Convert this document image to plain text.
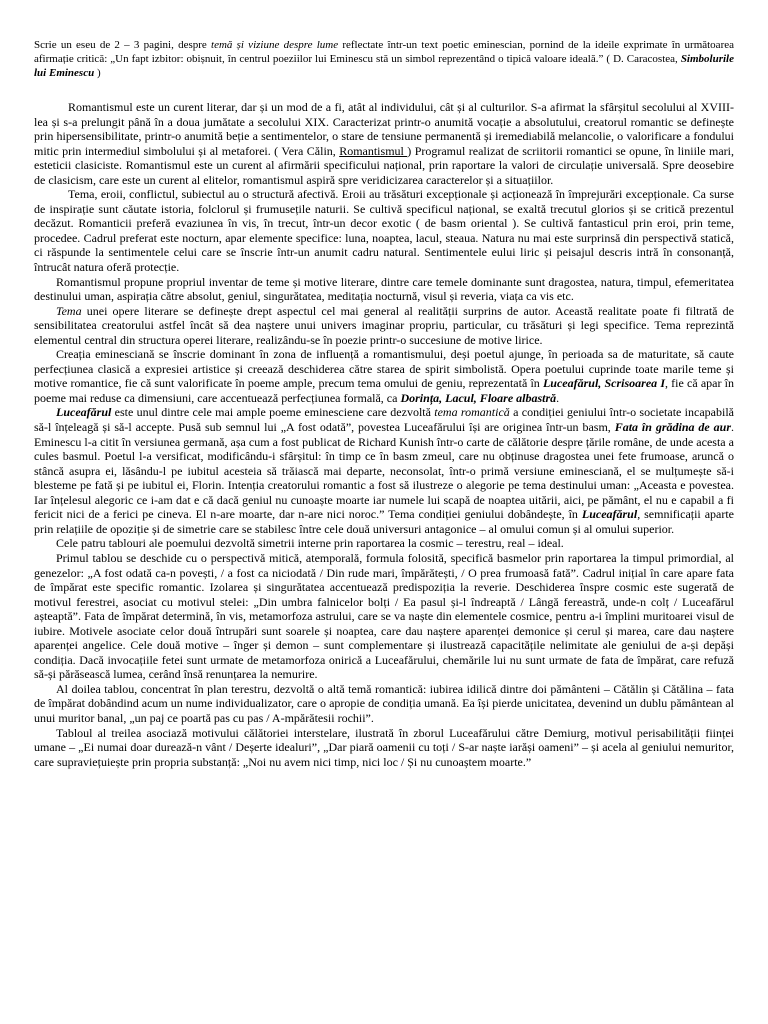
Scrie un eseu de 2 – 3 pagini, despre temă și viziune despre lume reflectate într-un text poetic eminescian, pornind de la ideile exprimate în următoarea afirmație critică: „Un fapt izbitor: obișnuit, în centrul poeziilor lui Eminescu stă un simbol reprezentând o tipică valoare ideală.” ( D. Caracostea, Simbolurile lui Eminescu )

Romantismul este un curent literar, dar și un mod de a fi, atât al individului, cât și al culturilor. S-a afirmat la sfârșitul secolului al XVIII-lea și s-a prelungit până în a doua jumătate a secolului XIX. Caracterizat printr-o anumită vocație a absolutului, creatorul romantic se definește prin hipersensibilitate, printr-o anumită beție a sentimentelor, o stare de tensiune permanentă și iremediabilă melancolie, o valorificare a fondului mitic prin intermediul simbolului și al metaforei. ( Vera Călin, Romantismul ) Programul realizat de scriitorii romantici se opune, în liniile mari, esteticii clasiciste. Romantismul este un curent al afirmării specificului național, prin raportare la valori de circulație universală. Spre deosebire de clasicism, care este un curent al elitelor, romantismul aspiră spre veridicizarea caracterelor și a situațiilor.

Tema, eroii, conflictul, subiectul au o structură afectivă. Eroii au trăsături excepționale și acționează în împrejurări excepționale. Ca surse de inspirație sunt căutate istoria, folclorul și frumusețile naturii. Se cultivă specificul național, se exaltă trecutul glorios și se critică prezentul decăzut. Romanticii preferă evaziunea în vis, în trecut, într-un decor exotic ( de basm oriental ). Se cultivă fantasticul prin eroi, prin teme, procedee. Cadrul preferat este nocturn, apar elemente specifice: luna, noaptea, lacul, steaua. Natura nu mai este surprinsă din perspectivă statică, ci răspunde la sentimentele celui care se înscrie într-un anumit cadru natural. Sentimentele eului liric și peisajul descris intră în consonanță, întrucât natura oferă protecție.

Romantismul propune propriul inventar de teme și motive literare, dintre care temele dominante sunt dragostea, natura, timpul, efemeritatea destinului uman, aspirația către absolut, geniul, singurătatea, meditația nocturnă, visul și reveria, viața ca vis etc.

Tema unei opere literare se definește drept aspectul cel mai general al realității surprins de autor. Această realitate poate fi filtrată de sensibilitatea creatorului astfel încât să dea naștere unui univers imaginar propriu, particular, cu trăsături și legi specifice. Tema reprezintă elementul central din structura operei literare, realizându-se în poezie printr-o succesiune de motive lirice.

Creația eminesciană se înscrie dominant în zona de influență a romantismului, deși poetul ajunge, în perioada sa de maturitate, să caute perfecțiunea clasică a expresiei artistice și creează deschiderea către starea de spirit simbolistă. Opera poetului cuprinde toate marile teme și motive romantice, fie că sunt valorificate în poeme ample, precum tema omului de geniu, reprezentată în Luceafărul, Scrisoarea I, fie că apar în poeme mai reduse ca dimensiuni, care accentuează perfecțiunea formală, ca Dorința, Lacul, Floare albastră.

Luceafărul este unul dintre cele mai ample poeme eminesciene care dezvoltă tema romantică a condiției geniului într-o societate incapabilă să-l înțeleagă și să-l accepte. Pusă sub semnul lui „A fost odată”, povestea Luceafărului își are originea într-un basm, Fata în grădina de aur. Eminescu l-a citit în versiunea germană, așa cum a fost publicat de Richard Kunish într-o carte de călătorie despre țările române, de unde acesta a cules basmul. Poetul l-a versificat, modificându-i sfârșitul: în timp ce în basm zmeul, care nu obținuse dragostea unei fete frumoase, aruncă o stâncă asupra ei, lăsându-l pe iubitul acesteia să trăiască mai departe, neconsolat, într-o primă versiune eminesciană, el se mulțumește să-i blesteme pe fată și pe iubitul ei, Florin. Intenția creatorului romantic a fost să ilustreze o alegorie pe tema destinului uman: „Aceasta e povestea. Iar înțelesul alegoric ce i-am dat e că dacă geniul nu cunoaște moarte iar numele lui scapă de noaptea uitării, aici, pe pământ, el nu e capabil a fi fericit nici de a ferici pe cineva. El n-are moarte, dar n-are nici noroc.” Tema condiției geniului dobândește, în Luceafărul, semnificații aparte prin relațiile de opoziție și de simetrie care se stabilesc între cele două universuri antagonice – al omului comun și al omului superior.

Cele patru tablouri ale poemului dezvoltă simetrii interne prin raportarea la cosmic – terestru, real – ideal.

Primul tablou se deschide cu o perspectivă mitică, atemporală, formula folosită, specifică basmelor prin raportarea la timpul primordial, al genezelor: „A fost odată ca-n povești, / a fost ca niciodată / Din rude mari, împărătești, / O prea frumoasă fată”. Cadrul inițial în care apare fata de împărat este specific romantic. Izolarea și singurătatea accentuează predispoziția la reverie. Deschiderea înspre cosmic este sugerată de motivul ferestrei, asociat cu motivul stelei: „Din umbra falnicelor bolți / Ea pasul și-l îndreaptă / Lângă fereastră, unde-n colț / Luceafărul așteaptă”. Fata de împărat determină, în vis, metamorfoza astrului, care se va naște din elementele cosmice, pentru a-i împlini muritoarei visul de iubire. Motivele asociate celor două întrupări sunt soarele și noaptea, care dau naștere aparenței demonice și cerul și marea, care dau naștere aparenței angelice. Cele două motive – înger și demon – sunt complementare și ilustrează capacitățile nelimitate ale geniului de a-și depăși condiția. Dacă invocațiile fetei sunt urmate de metamorfoza onirică a Luceafărului, chemările lui nu sunt urmate de fata de împărat, care refuză să-și părăsească lumea, cerând însă renunțarea la nemurire.

Al doilea tablou, concentrat în plan terestru, dezvoltă o altă temă romantică: iubirea idilică dintre doi pământeni – Cătălin și Cătălina – fata de împărat dobândind acum un nume individualizator, care o apropie de condiția umană. Ea își pierde unicitatea, devenind un dublu pământean al unui muritor banal, „un paj ce poartă pas cu pas / A-mpărătesii rochii”.

Tabloul al treilea asociază motivului călătoriei interstelare, ilustrată în zborul Luceafărului către Demiurg, motivul perisabilității ființei umane – „Ei numai doar durează-n vânt / Deșerte idealuri”, „Dar piară oamenii cu toți / S-ar naște iarăși oameni” – și acela al geniului nemuritor, care supraviețuiește prin propria substanță: „Noi nu avem nici timp, nici loc / Și nu cunoaștem moarte.”
